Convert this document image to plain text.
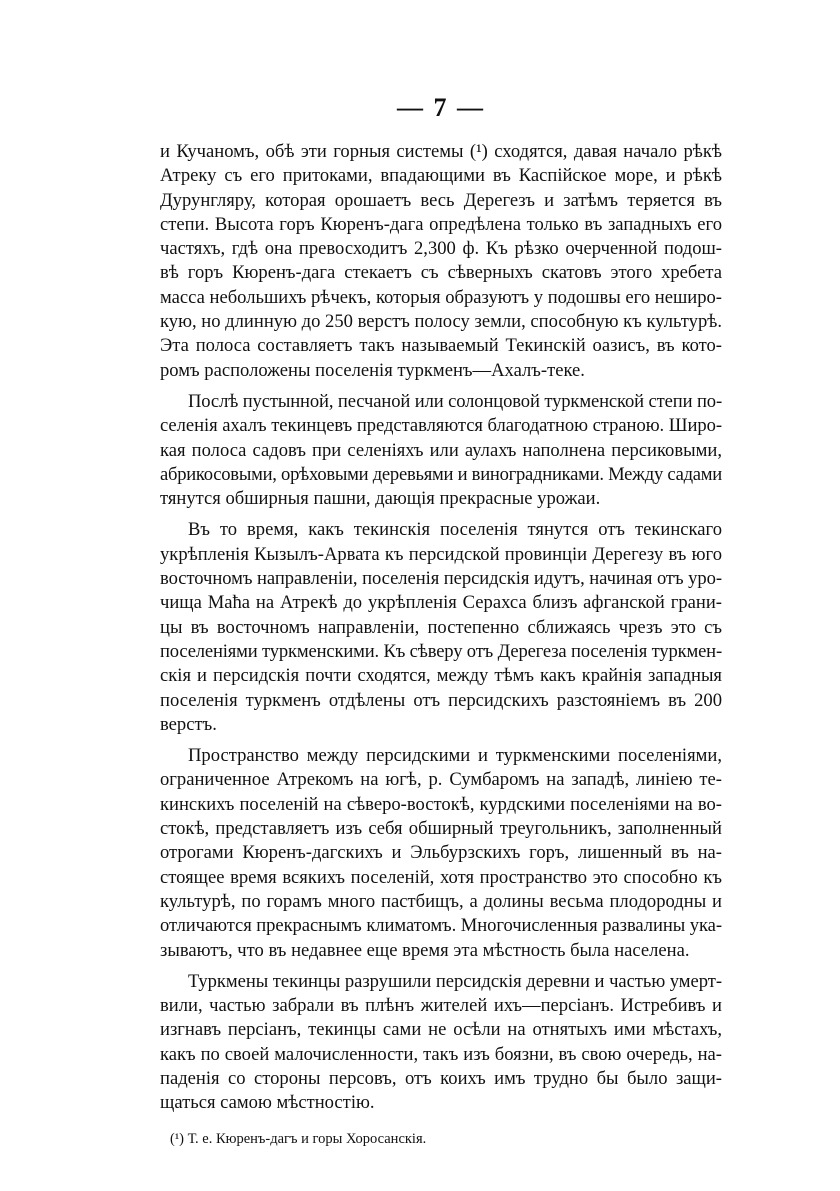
— 7 —
и Кучаномъ, обѣ эти горныя системы (¹) сходятся, давая начало рѣкѣ
Атреку съ его притоками, впадающими въ Каспійское море, и рѣкѣ
Дурунгляру, которая орошаетъ весь Дерегезъ и затѣмъ теряется въ
степи. Высота горъ Кюренъ-дага опредѣлена только въ западныхъ его
частяхъ, гдѣ она превосходитъ 2,300 ф. Къ рѣзко очерченной подош-
вѣ горъ Кюренъ-дага стекаетъ съ сѣверныхъ скатовъ этого хребета
масса небольшихъ рѣчекъ, которыя образуютъ у подошвы его неширо-
кую, но длинную до 250 верстъ полосу земли, способную къ культурѣ.
Эта полоса составляетъ такъ называемый Текинскій оазисъ, въ кото-
ромъ расположены поселенія туркменъ—Ахалъ-теке.
Послѣ пустынной, песчаной или солонцовой туркменской степи по-
селенія ахалъ текинцевъ представляются благодатною страною. Широ-
кая полоса садовъ при селеніяхъ или аулахъ наполнена персиковыми,
абрикосовыми, орѣховыми деревьями и виноградниками. Между садами
тянутся обширныя пашни, дающія прекрасные урожаи.
Въ то время, какъ текинскія поселенія тянутся отъ текинскаго
укрѣпленія Кызылъ-Арвата къ персидской провинціи Дерегезу въ юго
восточномъ направленіи, поселенія персидскія идутъ, начиная отъ уро-
чища Маћа на Атрекѣ до укрѣпленія Серахса близъ афганской грани-
цы въ восточномъ направленіи, постепенно сближаясь чрезъ это съ
поселеніями туркменскими. Къ сѣверу отъ Дерегеза поселенія туркмен-
скія и персидскія почти сходятся, между тѣмъ какъ крайнія западныя
поселенія туркменъ отдѣлены отъ персидскихъ разстояніемъ въ 200
верстъ.
Пространство между персидскими и туркменскими поселеніями,
ограниченное Атрекомъ на югѣ, р. Сумбаромъ на западѣ, линіею те-
кинскихъ поселеній на сѣверо-востокѣ, курдскими поселеніями на во-
стокѣ, представляетъ изъ себя обширный треугольникъ, заполненный
отрогами Кюренъ-дагскихъ и Эльбурзскихъ горъ, лишенный въ на-
стоящее время всякихъ поселеній, хотя пространство это способно къ
культурѣ, по горамъ много пастбищъ, а долины весьма плодородны и
отличаются прекраснымъ климатомъ. Многочисленныя развалины ука-
зываютъ, что въ недавнее еще время эта мѣстность была населена.
Туркмены текинцы разрушили персидскія деревни и частью умерт-
вили, частью забрали въ плѣнъ жителей ихъ—персіанъ. Истребивъ и
изгнавъ персіанъ, текинцы сами не осѣли на отнятыхъ ими мѣстахъ,
какъ по своей малочисленности, такъ изъ боязни, въ свою очередь, на-
паденія со стороны персовъ, отъ коихъ имъ трудно бы было защи-
щаться самою мѣстностію.
(¹) Т. е. Кюренъ-дагъ и горы Хоросанскія.
